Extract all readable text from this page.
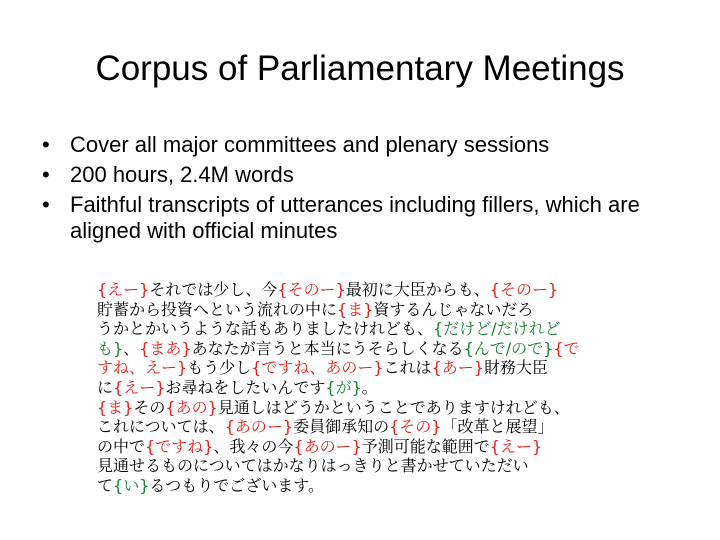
Corpus of Parliamentary Meetings
• Cover all major committees and plenary sessions
• 200 hours, 2.4M words
• Faithful transcripts of utterances including fillers, which are aligned with official minutes
{えー}それでは少し、今{そのー}最初に大臣からも、{そのー}
貯蓄から投資へという流れの中に{ま}資するんじゃないだろ
うかとかいうような話もありましたけれども、{だけど/だけれど
も}、{まあ}あなたが言うと本当にうそらしくなる{んで/ので}{で
すね、えー}もう少し{ですね、あのー}これは{あー}財務大臣
に{えー}お尋ねをしたいんです{が}。
{ま}その{あの}見通しはどうかということでありますけれども、
これについては、{あのー}委員御承知の{その}「改革と展望」
の中で{ですね}、我々の今{あのー}予測可能な範囲で{えー}
見通せるものについてはかなりはっきりと書かせていただい
て{い}るつもりでございます。
